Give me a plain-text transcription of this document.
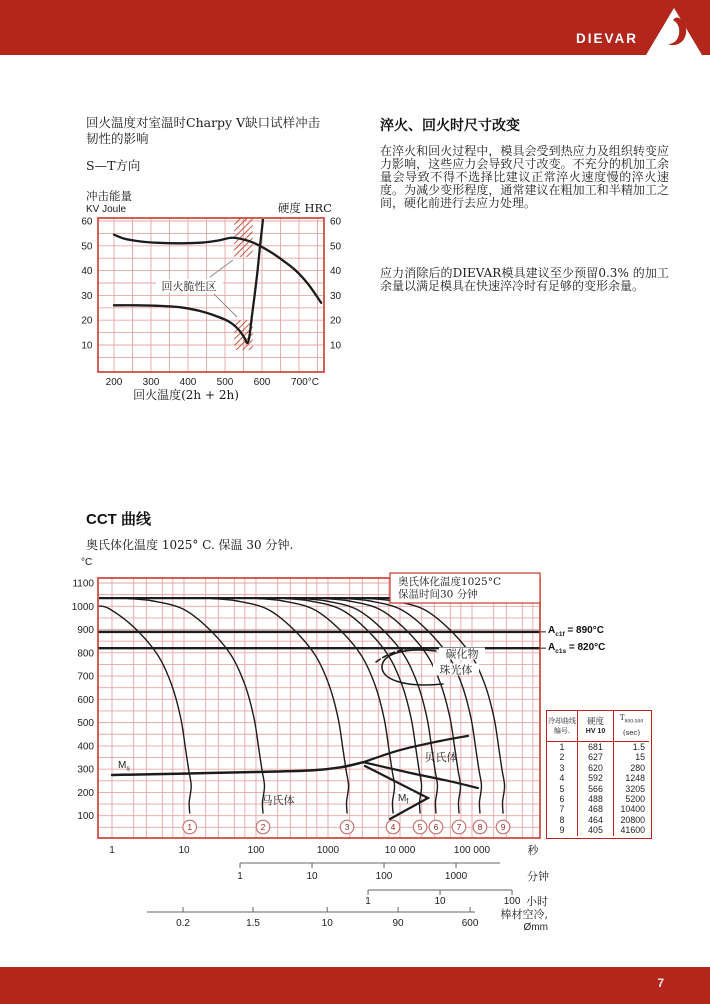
DIEVAR
回火温度对室温时Charpy V缺口试样冲击
韧性的影响
S—T方向
冲击能量
KV Joule	硬度 HRC
回火温度(2h + 2h)
淬火、回火时尺寸改变
在淬火和回火过程中，模具会受到热应力及组织转变应力影响，这些应力会导致尺寸改变。不充分的机加工余量会导致不得不选择比建议正常淬火速度慢的淬火速度。为减少变形程度，通常建议在粗加工和半精加工之间，硬化前进行去应力处理。
应力消除后的DIEVAR模具建议至少预留0.3% 的加工余量以满足模具在快速淬冷时有足够的变形余量。
CCT 曲线
奥氏体化温度 1025° C. 保温 30 分钟.
°C
$A_{c1f} = 890^\circ C$
$A_{c1s} = 820^\circ C$
回火脆性区
200 300 400 500 600 700°C
10	10
20	20
30	30
40	40
50	50
60	60
奥氏体化温度1025°C
保温时间30 分钟
碳化物
珠光体
贝氏体
马氏体
$M_s$
$M_f$
1	2	3	4	5 6 7 8 9
100
200
300
400
500
600
700
800
900
1000
1100
1	10	100	1000	10 000	100 000	秒
1	10	100	1000	分钟
1	10	100 小时
0.2	1.5	10	90	600
棒材空冷,
Ømm
冷却曲线
编号.
硬度
HV 10
$T_{800-500}$
(sec)
1	681	1.5
2	627	15
3	620	280
4	592	1248
5	566	3205
6	488	5200
7	468	10400
8	464	20800
9	405	41600
7
